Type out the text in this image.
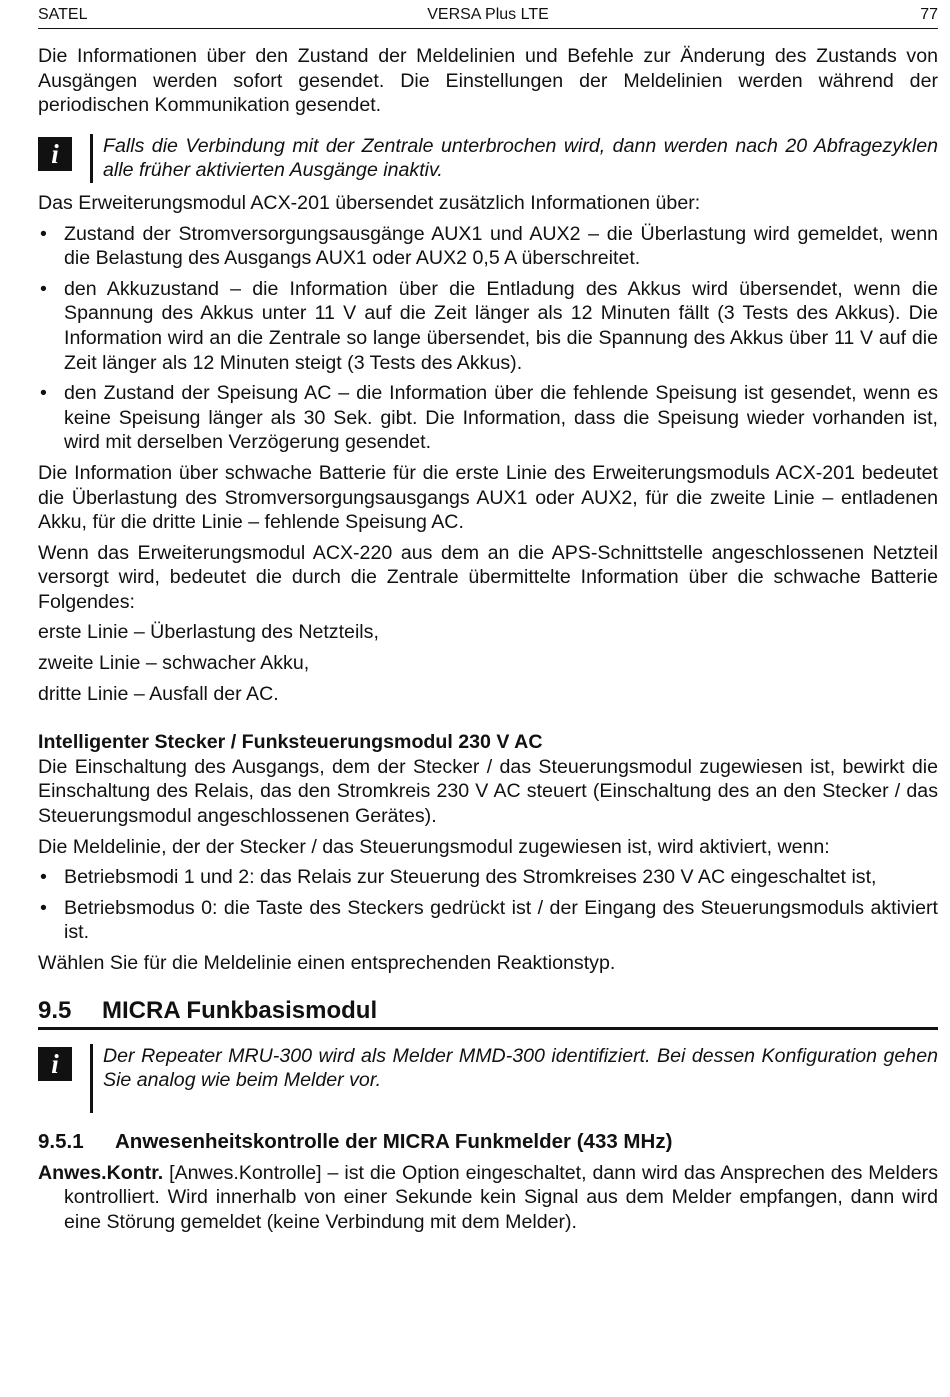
SATEL	VERSA Plus LTE	77

Die Informationen über den Zustand der Meldelinien und Befehle zur Änderung des Zustands von Ausgängen werden sofort gesendet. Die Einstellungen der Meldelinien werden während der periodischen Kommunikation gesendet.

i	Falls die Verbindung mit der Zentrale unterbrochen wird, dann werden nach 20 Abfragezyklen alle früher aktivierten Ausgänge inaktiv.

Das Erweiterungsmodul ACX-201 übersendet zusätzlich Informationen über:

• Zustand der Stromversorgungsausgänge AUX1 und AUX2 – die Überlastung wird gemeldet, wenn die Belastung des Ausgangs AUX1 oder AUX2 0,5 A überschreitet.
• den Akkuzustand – die Information über die Entladung des Akkus wird übersendet, wenn die Spannung des Akkus unter 11 V auf die Zeit länger als 12 Minuten fällt (3 Tests des Akkus). Die Information wird an die Zentrale so lange übersendet, bis die Spannung des Akkus über 11 V auf die Zeit länger als 12 Minuten steigt (3 Tests des Akkus).
• den Zustand der Speisung AC – die Information über die fehlende Speisung ist gesendet, wenn es keine Speisung länger als 30 Sek. gibt. Die Information, dass die Speisung wieder vorhanden ist, wird mit derselben Verzögerung gesendet.

Die Information über schwache Batterie für die erste Linie des Erweiterungsmoduls ACX-201 bedeutet die Überlastung des Stromversorgungsausgangs AUX1 oder AUX2, für die zweite Linie – entladenen Akku, für die dritte Linie – fehlende Speisung AC.

Wenn das Erweiterungsmodul ACX-220 aus dem an die APS-Schnittstelle angeschlossenen Netzteil versorgt wird, bedeutet die durch die Zentrale übermittelte Information über die schwache Batterie Folgendes:

erste Linie – Überlastung des Netzteils,

zweite Linie – schwacher Akku,

dritte Linie – Ausfall der AC.

Intelligenter Stecker / Funksteuerungsmodul 230 V AC

Die Einschaltung des Ausgangs, dem der Stecker / das Steuerungsmodul zugewiesen ist, bewirkt die Einschaltung des Relais, das den Stromkreis 230 V AC steuert (Einschaltung des an den Stecker / das Steuerungsmodul angeschlossenen Gerätes).

Die Meldelinie, der der Stecker / das Steuerungsmodul zugewiesen ist, wird aktiviert, wenn:

• Betriebsmodi 1 und 2: das Relais zur Steuerung des Stromkreises 230 V AC eingeschaltet ist,
• Betriebsmodus 0: die Taste des Steckers gedrückt ist / der Eingang des Steuerungsmoduls aktiviert ist.

Wählen Sie für die Meldelinie einen entsprechenden Reaktionstyp.

9.5 MICRA Funkbasismodul
i	Der Repeater MRU-300 wird als Melder MMD-300 identifiziert. Bei dessen Konfiguration gehen Sie analog wie beim Melder vor.

9.5.1 Anwesenheitskontrolle der MICRA Funkmelder (433 MHz)

Anwes.Kontr. [Anwes.Kontrolle] – ist die Option eingeschaltet, dann wird das Ansprechen des Melders kontrolliert. Wird innerhalb von einer Sekunde kein Signal aus dem Melder empfangen, dann wird eine Störung gemeldet (keine Verbindung mit dem Melder).
